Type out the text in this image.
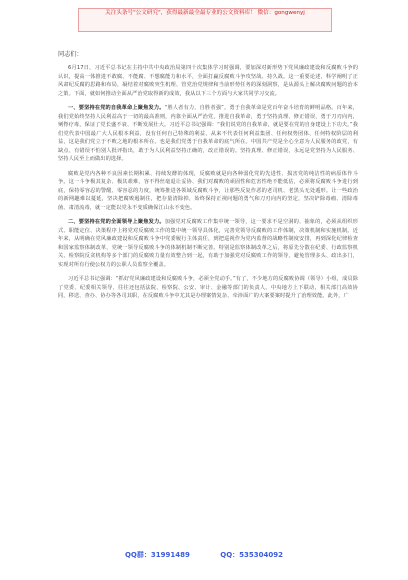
关注头条号"公文研究"，获得最新最全最专业的公文资料库！ 微信：gongwenyj

同志们：

6月17日，习近平总书记在主持中共中央政治局第四十次集体学习时强调，要加深对新形势下党风廉政建设和反腐败斗争的认识，提高一体推进不敢腐、不能腐、不想腐能力和水平，全面打赢反腐败斗争攻坚战、持久战。这一重要论述，科学阐明了正风肃纪反腐的思路和布局，凝结着对腐败突生机理、管党治党规律和当前形势任务的深刻洞察，是从源头上解决腐败问题的治本之策。下面，就如何推动全面从严治党取得新的成效，我从以下三个方面与大家共同学习交流。

一、要坚持在党的自我革命上聚焦发力。“胜人者有力，自胜者强”。勇于自我革命是党百年奋斗培育的鲜明品格。百年来，我们党始终坚持人民利益高于一切的最高准则，内靠全面从严治党，推进自我革命，勇于坚持真理、修正错误，勇于刀刃向内，剜脊疗毒，保证了党长盛不衰、不断发展壮大。习近平总书记强调：“我们说党的自我革命，就是要在党的自身建设上下功夫。”我们党代表中国最广大人民根本利益，没有任何自己特殊的利益，从来不代表任何利益集团、任何权势团体、任何特权阶层的利益，这是我们党立于不败之地的根本所在。也是我们党勇于自我革命的底气所在。中国共产党是全心全意为人民服务的政党，有缺点、有错误不怕别人批评指出，敢于为人民利益坚持正确的，改正错误的。坚持真理、修正错误，永远是党坚持为人民服务、坚持人民至上而做出的选择。

腐败是党内各种不良因素长期积累、持续发酵的体现，反腐败就是向各种弱化党的先进性、损害党的纯洁性的病原体作斗争。这一斗争极其复杂、极其艰难，容不得丝毫退让妥协、我们对腐败的顽固性和危害性绝不能低估，必须将反腐败斗争进行到底，保持零容忍的警醒、零容忍的力度，统筹推进各领域反腐败斗争，让那些反复作恶的老司机、老黑头无处遁形。让一些政治的新网趣难以蔓延，坚决把腐败遏制住，把存量清除掉，始终保持正视问题的勇气和刀刃向内的坚定，坚决铲除毒瘤、清除毒菌、肃清流毒，就一定能以党永不变质确保江山永不变色。

二、要坚持在党的全面领导上聚焦发力。加强党对反腐败工作集中统一领导，这一要求不是空洞的、抽象的，必须从组织形式、职能定位、决策程序上将党对反腐败工作的集中统一领导具体化，完善党领导反腐败的工作体制，决策机制和实施机制。近年来，从明确在党风廉政建设和反腐败斗争中党委履行主体责任，到把巡视作为党内监督的战略性制度安排，再到深化纪律检查和国家监察体制改革，党统一领导反腐败斗争的体制机制不断完善。特别是监察体制改革之后，将原先分散在纪委、行政监察机关、检察院反贪机构等多个部门的反腐败力量有效整合到一起，有助于加强党对反腐败工作的领导，避免管理多头、政出多门，实现对所有行使公权力的公职人员监察全覆盖。

习近平总书记强调：“抓好党风廉政建设和反腐败斗争，必须全党动手。”有了，不少地方的反腐败协调（领导）小组，成员除了党委、纪委相关领导，往往还包括法院、检察院、公安、审计、金融等部门的负责人。中央地方上下联动，相关部门高效协同，移送、查办、协办等各司其职，在反腐败斗争中尤其是办理案情复杂、牵涉面广的大案要案时提升了治理效能。此外，广

QQ群：31991489	QQ：535304092
